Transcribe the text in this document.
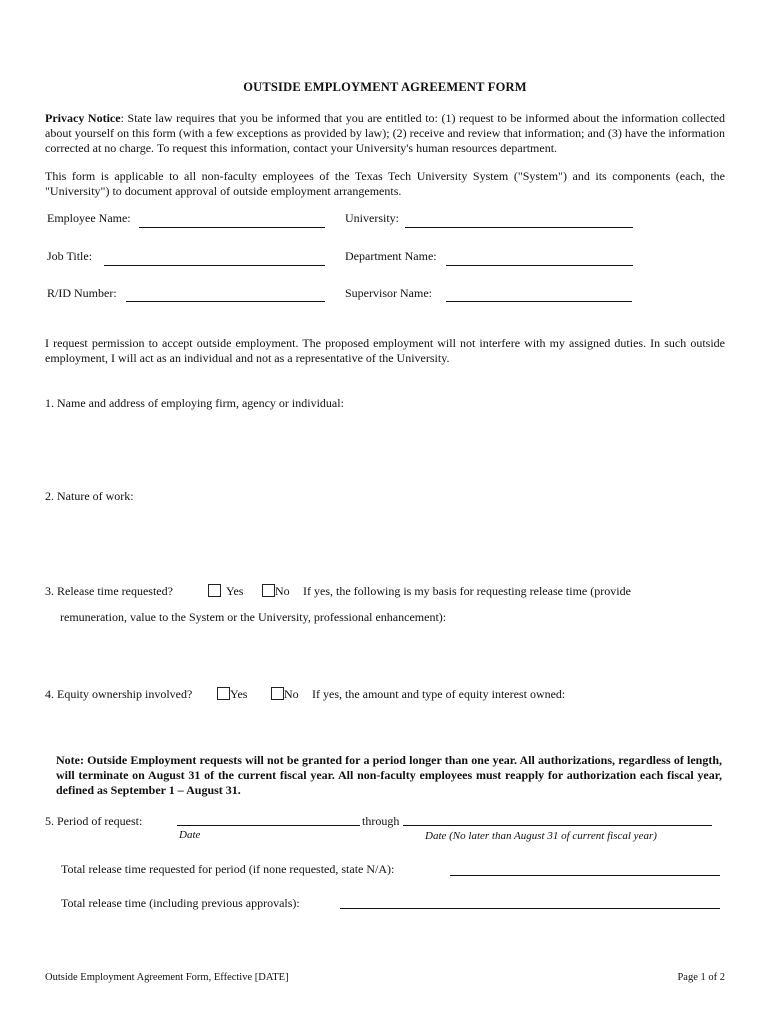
OUTSIDE EMPLOYMENT AGREEMENT FORM
Privacy Notice: State law requires that you be informed that you are entitled to: (1) request to be informed about the information collected about yourself on this form (with a few exceptions as provided by law); (2) receive and review that information; and (3) have the information corrected at no charge. To request this information, contact your University's human resources department.
This form is applicable to all non-faculty employees of the Texas Tech University System ("System") and its components (each, the "University") to document approval of outside employment arrangements.
Employee Name:	University:
Job Title:	Department Name:
R/ID Number:	Supervisor Name:
I request permission to accept outside employment. The proposed employment will not interfere with my assigned duties. In such outside employment, I will act as an individual and not as a representative of the University.
1. Name and address of employing firm, agency or individual:
2. Nature of work:
3. Release time requested?	Yes	No If yes, the following is my basis for requesting release time (provide
remuneration, value to the System or the University, professional enhancement):
4. Equity ownership involved?	Yes	No If yes, the amount and type of equity interest owned:
Note: Outside Employment requests will not be granted for a period longer than one year. All authorizations, regardless of length, will terminate on August 31 of the current fiscal year. All non-faculty employees must reapply for authorization each fiscal year, defined as September 1 – August 31.
5. Period of request:	through
Date	Date (No later than August 31 of current fiscal year)
Total release time requested for period (if none requested, state N/A):
Total release time (including previous approvals):
Outside Employment Agreement Form, Effective [DATE]	Page 1 of 2
